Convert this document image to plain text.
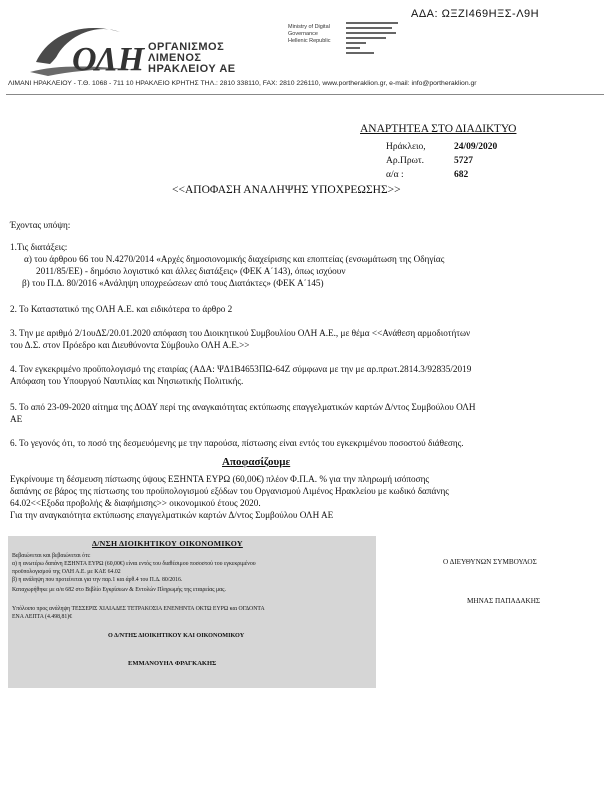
ΑΔΑ: ΩΞΖΙ469ΗΞΣ-Λ9Η
ΟΛΗ ΟΡΓΑΝΙΣΜΟΣ
ΛΙΜΕΝΟΣ
ΗΡΑΚΛΕΙΟΥ ΑΕ
Ministry of Digital
Governance
Hellenic Republic
ΛΙΜΑΝΙ ΗΡΑΚΛΕΙΟΥ - Τ.Θ. 1068 - 711 10 ΗΡΑΚΛΕΙΟ ΚΡΗΤΗΣ ΤΗΛ.: 2810 338110, FAX: 2810 226110, www.portheraklion.gr, e-mail: info@portheraklion.gr
ΑΝΑΡΤΗΤΕΑ ΣΤΟ ΔΙΑΔΙΚΤΥΟ
Ηράκλειο,	24/09/2020
Αρ.Πρωτ.	5727
α/α :	682
<<ΑΠΟΦΑΣΗ ΑΝΑΛΗΨΗΣ ΥΠΟΧΡΕΩΣΗΣ>>
Έχοντας υπόψη:
1.Τις διατάξεις:
α) του άρθρου 66 του Ν.4270/2014 «Αρχές δημοσιονομικής διαχείρισης και εποπτείας (ενσωμάτωση της Οδηγίας
2011/85/ΕΕ) - δημόσιο λογιστικό και άλλες διατάξεις» (ΦΕΚ Α΄143), όπως ισχύουν
β) του Π.Δ. 80/2016 «Ανάληψη υποχρεώσεων από τους Διατάκτες» (ΦΕΚ Α΄145)
2. Το Καταστατικό της ΟΛΗ Α.Ε. και ειδικότερα το άρθρο 2
3. Την με αριθμό 2/1ουΔΣ/20.01.2020 απόφαση του Διοικητικού Συμβουλίου ΟΛΗ Α.Ε., με θέμα <<Ανάθεση αρμοδιοτήτων
του Δ.Σ. στον Πρόεδρο και Διευθύνοντα Σύμβουλο ΟΛΗ Α.Ε.>>
4. Τον εγκεκριμένο προϋπολογισμό της εταιρίας (ΑΔΑ: ΨΔ1Β4653ΠΩ-64Ζ σύμφωνα με την με αρ.πρωτ.2814.3/92835/2019
Απόφαση του Υπουργού Ναυτιλίας και Νησιωτικής Πολιτικής.
5. Το από 23-09-2020 αίτημα της ΔΟΔΥ περί της αναγκαιότητας εκτύπωσης επαγγελματικών καρτών Δ/ντος Συμβούλου ΟΛΗ
ΑΕ
6. Το γεγονός ότι, το ποσό της δεσμευόμενης με την παρούσα, πίστωσης είναι εντός του εγκεκριμένου ποσοστού διάθεσης.
Αποφασίζουμε
Εγκρίνουμε τη δέσμευση πίστωσης ύψους ΕΞΗΝΤΑ ΕΥΡΩ (60,00€) πλέον Φ.Π.Α. % για την πληρωμή ισόποσης
δαπάνης σε βάρος της πίστωσης του προϋπολογισμού εξόδων του Οργανισμού Λιμένος Ηρακλείου με κωδικό δαπάνης
64.02<<Εξοδα προβολής & διαφήμισης>> οικονομικού έτους 2020.
Για την αναγκαιότητα εκτύπωσης επαγγελματικών καρτών Δ/ντος Συμβούλου ΟΛΗ ΑΕ
Δ/ΝΣΗ ΔΙΟΙΚΗΤΙΚΟΥ ΟΙΚΟΝΟΜΙΚΟΥ
Βεβαιώνεται και βεβαιώνεται ότι:
α) η ανωτέρω δαπάνη ΕΞΗΝΤΑ ΕΥΡΩ (60,00€) είναι εντός του διαθέσιμου ποσοστού του εγκεκριμένου
προϋπολογισμού της ΟΛΗ Α.Ε. με ΚΑΕ 64.02
β) η ανάληψη που προτείνεται για την παρ.1 και άρθ.4 του Π.Δ. 80/2016.
Καταχωρήθηκε με α/α 682 στο Βιβλίο Εγκρίσεων & Εντολών Πληρωμής της εταιρείας μας.
Υπόλοιπο προς ανάληψη ΤΕΣΣΕΡΙΣ ΧΙΛΙΑΔΕΣ ΤΕΤΡΑΚΟΣΙΑ ΕΝΕΝΗΝΤΑ ΟΚΤΩ ΕΥΡΩ και ΟΓΔΟΝΤΑ
ΕΝΑ ΛΕΠΤΑ (4.498,81)€
Ο Δ/ΝΤΗΣ ΔΙΟΙΚΗΤΙΚΟΥ ΚΑΙ ΟΙΚΟΝΟΜΙΚΟΥ
ΕΜΜΑΝΟΥΗΛ ΦΡΑΓΚΑΚΗΣ
Ο ΔΙΕΥΘΥΝΩΝ ΣΥΜΒΟΥΛΟΣ
ΜΗΝΑΣ ΠΑΠΑΔΑΚΗΣ
